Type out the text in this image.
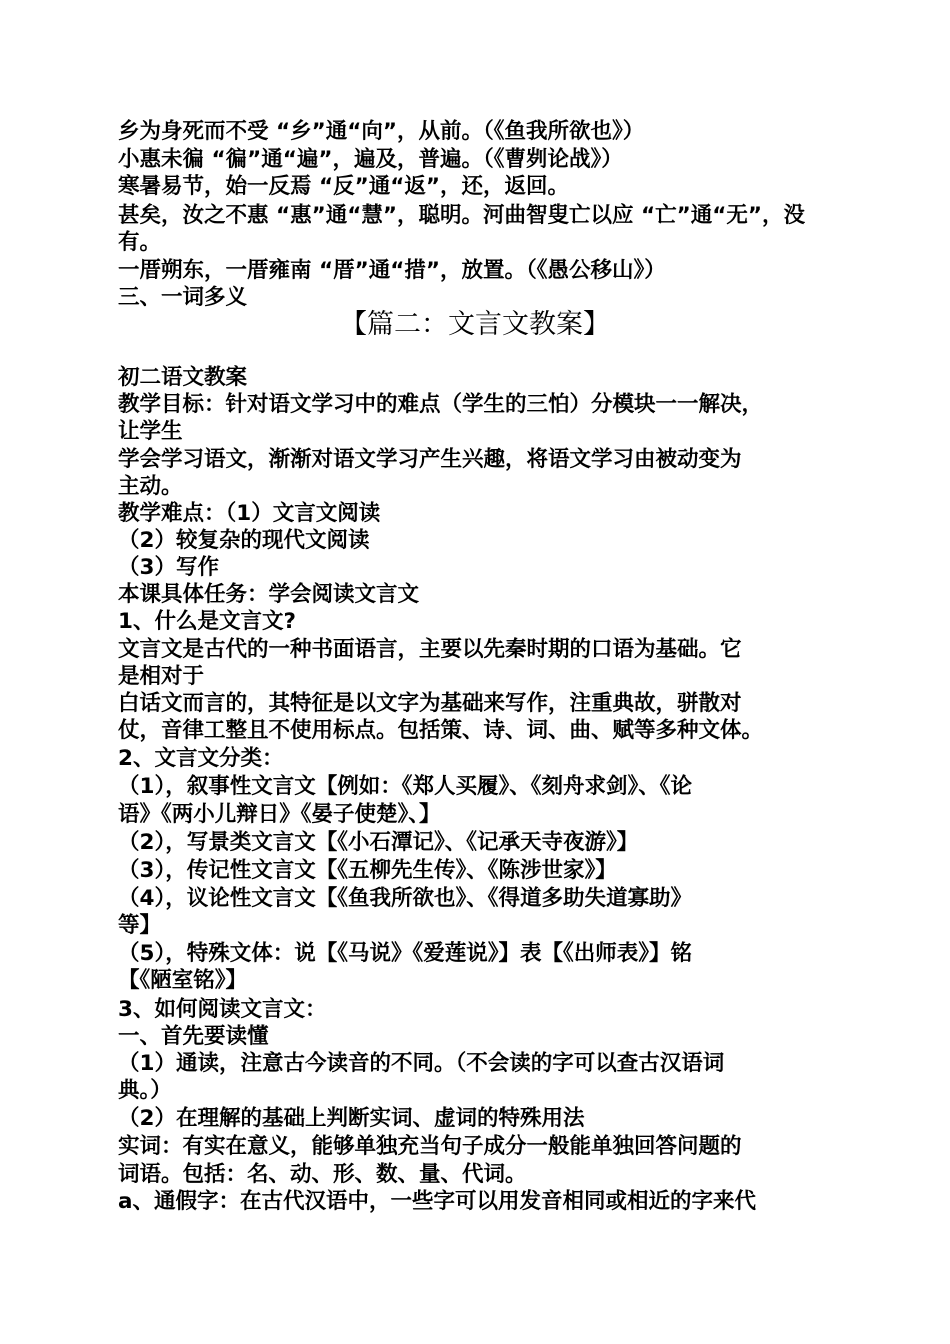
乡为身死而不受 “乡”通“向”，从前。（《鱼我所欲也》）
小惠未徧 “徧”通“遍”，遍及，普遍。（《曹刿论战》）
寒暑易节，始一反焉 “反”通“返”，还，返回。
甚矣，汝之不惠 “惠”通“慧”，聪明。河曲智叟亡以应 “亡”通“无”，没
有。
一厝朔东，一厝雍南 “厝”通“措”，放置。（《愚公移山》）
三、一词多义
【篇二：文言文教案】
初二语文教案
教学目标：针对语文学习中的难点（学生的三怕）分模块一一解决，
让学生
学会学习语文，渐渐对语文学习产生兴趣，将语文学习由被动变为
主动。
教学难点：（1）文言文阅读
（2）较复杂的现代文阅读
（3）写作
本课具体任务：学会阅读文言文
1、什么是文言文?
文言文是古代的一种书面语言，主要以先秦时期的口语为基础。它
是相对于
白话文而言的，其特征是以文字为基础来写作，注重典故，骈散对
仗，音律工整且不使用标点。包括策、诗、词、曲、赋等多种文体。
2、文言文分类：
（1），叙事性文言文【例如：《郑人买履》、《刻舟求剑》、《论
语》《两小儿辩日》《晏子使楚》、】
（2），写景类文言文【《小石潭记》、《记承天寺夜游》】
（3），传记性文言文【《五柳先生传》、《陈涉世家》】
（4），议论性文言文【《鱼我所欲也》、《得道多助失道寡助》
等】
（5），特殊文体：说【《马说》《爱莲说》】表【《出师表》】铭
【《陋室铭》】
3、如何阅读文言文：
一、首先要读懂
（1）通读，注意古今读音的不同。（不会读的字可以查古汉语词
典。）
（2）在理解的基础上判断实词、虚词的特殊用法
实词：有实在意义，能够单独充当句子成分一般能单独回答问题的
词语。包括：名、动、形、数、量、代词。
a、通假字：在古代汉语中，一些字可以用发音相同或相近的字来代
